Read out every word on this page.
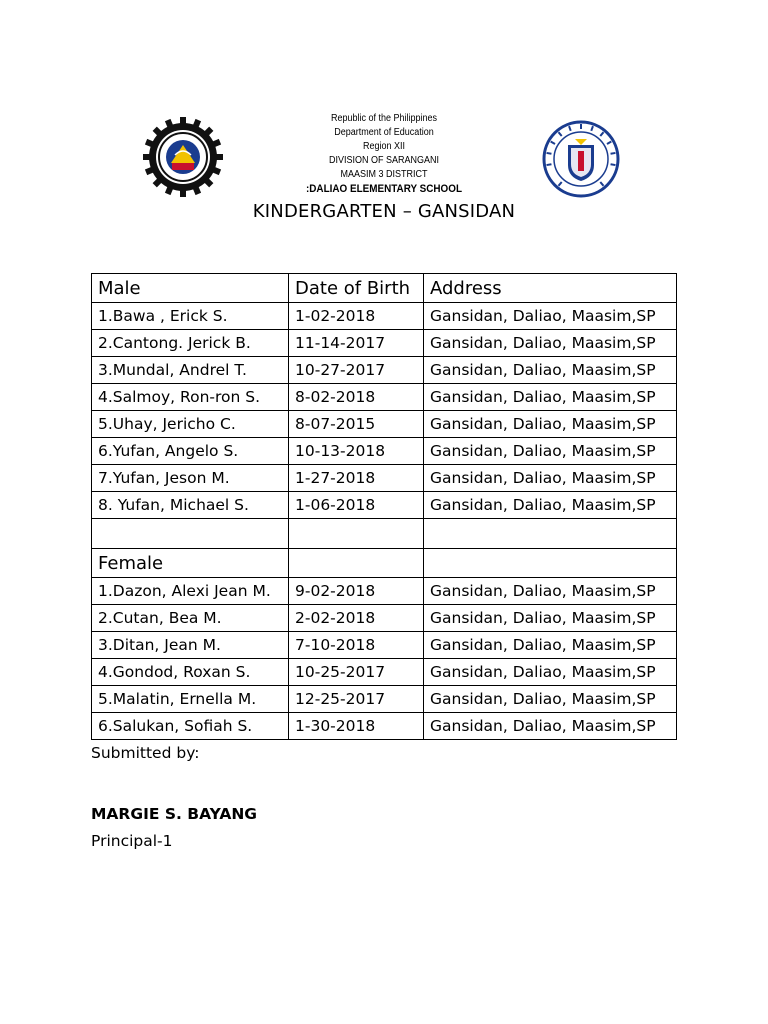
Republic of the Philippines
Department of Education
Region XII
DIVISION OF SARANGANI
MAASIM 3 DISTRICT
:DALIAO ELEMENTARY SCHOOL
KINDERGARTEN – GANSIDAN
Male	Date of Birth	Address
1.Bawa , Erick S.	1-02-2018	Gansidan, Daliao, Maasim,SP
2.Cantong. Jerick B.	11-14-2017	Gansidan, Daliao, Maasim,SP
3.Mundal, Andrel T.	10-27-2017	Gansidan, Daliao, Maasim,SP
4.Salmoy, Ron-ron S.	8-02-2018	Gansidan, Daliao, Maasim,SP
5.Uhay, Jericho C.	8-07-2015	Gansidan, Daliao, Maasim,SP
6.Yufan, Angelo S.	10-13-2018	Gansidan, Daliao, Maasim,SP
7.Yufan, Jeson M.	1-27-2018	Gansidan, Daliao, Maasim,SP
8. Yufan, Michael S.	1-06-2018	Gansidan, Daliao, Maasim,SP

Female		
1.Dazon, Alexi Jean M.	9-02-2018	Gansidan, Daliao, Maasim,SP
2.Cutan, Bea M.	2-02-2018	Gansidan, Daliao, Maasim,SP
3.Ditan, Jean M.	7-10-2018	Gansidan, Daliao, Maasim,SP
4.Gondod, Roxan S.	10-25-2017	Gansidan, Daliao, Maasim,SP
5.Malatin, Ernella M.	12-25-2017	Gansidan, Daliao, Maasim,SP
6.Salukan, Sofiah S.	1-30-2018	Gansidan, Daliao, Maasim,SP
Submitted by:
MARGIE S. BAYANG
Principal-1
